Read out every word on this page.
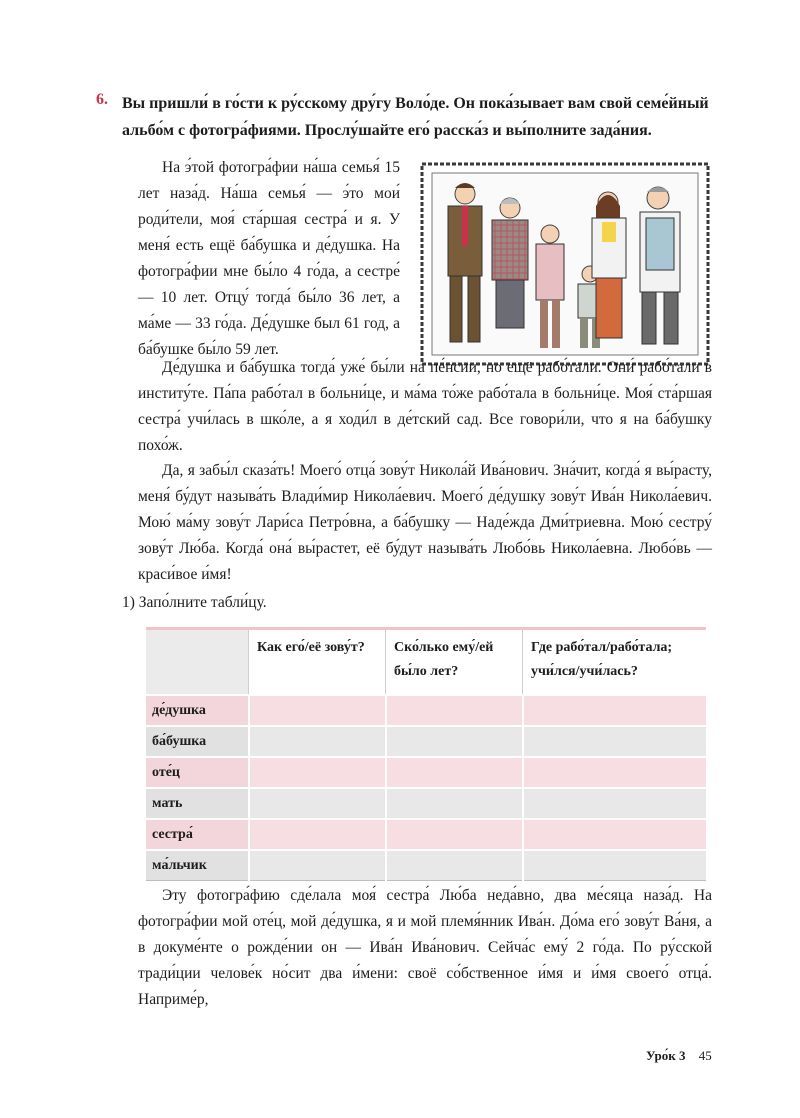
6. Вы пришли́ в го́сти к ру́сскому дру́гу Воло́де. Он пока́зывает вам свой семе́йный альбо́м с фотогра́фиями. Прослу́шайте его́ расска́з и вы́полните зада́ния.
На э́той фотогра́фии на́ша семья́ 15 лет наза́д. На́ша семья́ — э́то мои́ роди́тели, моя́ ста́ршая сестра́ и я. У меня́ есть ещё ба́бушка и де́душка. На фотогра́фии мне бы́ло 4 го́да, а сестре́ — 10 лет. Отцу́ тогда́ бы́ло 36 лет, а ма́ме — 33 го́да. Де́душке был 61 год, а ба́бушке бы́ло 59 лет.
Де́душка и ба́бушка тогда́ уже́ бы́ли на пе́нсии, но ещё рабо́тали. Они́ рабо́тали в институ́те. Па́па рабо́тал в больни́це, и ма́ма то́же рабо́тала в больни́це. Моя́ ста́ршая сестра́ учи́лась в шко́ле, а я ходи́л в де́тский сад. Все говори́ли, что я на ба́бушку похо́ж.
Да, я забы́л сказа́ть! Моего́ отца́ зову́т Никола́й Ива́нович. Зна́чит, когда́ я вы́расту, меня́ бу́дут называ́ть Влади́мир Никола́евич. Моего́ де́душку зову́т Ива́н Никола́евич. Мою́ ма́му зову́т Лари́са Петро́вна, а ба́бушку — Наде́жда Дми́триевна. Мою́ сестру́ зову́т Лю́ба. Когда́ она́ вы́растет, её бу́дут называ́ть Любо́вь Никола́евна. Любо́вь — краси́вое и́мя!
1) Запо́лните табли́цу.
	Как его́/её зову́т?	Ско́лько ему́/ей бы́ло лет?	Где рабо́тал/рабо́тала; учи́лся/учи́лась?
де́душка			
ба́бушка			
оте́ц			
мать			
сестра́			
ма́льчик			
Эту фотогра́фию сде́лала моя́ сестра́ Лю́ба неда́вно, два ме́сяца наза́д. На фотогра́фии мой оте́ц, мой де́душка, я и мой племя́нник Ива́н. До́ма его́ зову́т Ва́ня, а в докуме́нте о рожде́нии он — Ива́н Ива́нович. Сейча́с ему́ 2 го́да. По ру́сской тради́ции челове́к но́сит два и́мени: своё со́бственное и́мя и и́мя своего́ отца́. Наприме́р,
Уро́к 3 45
